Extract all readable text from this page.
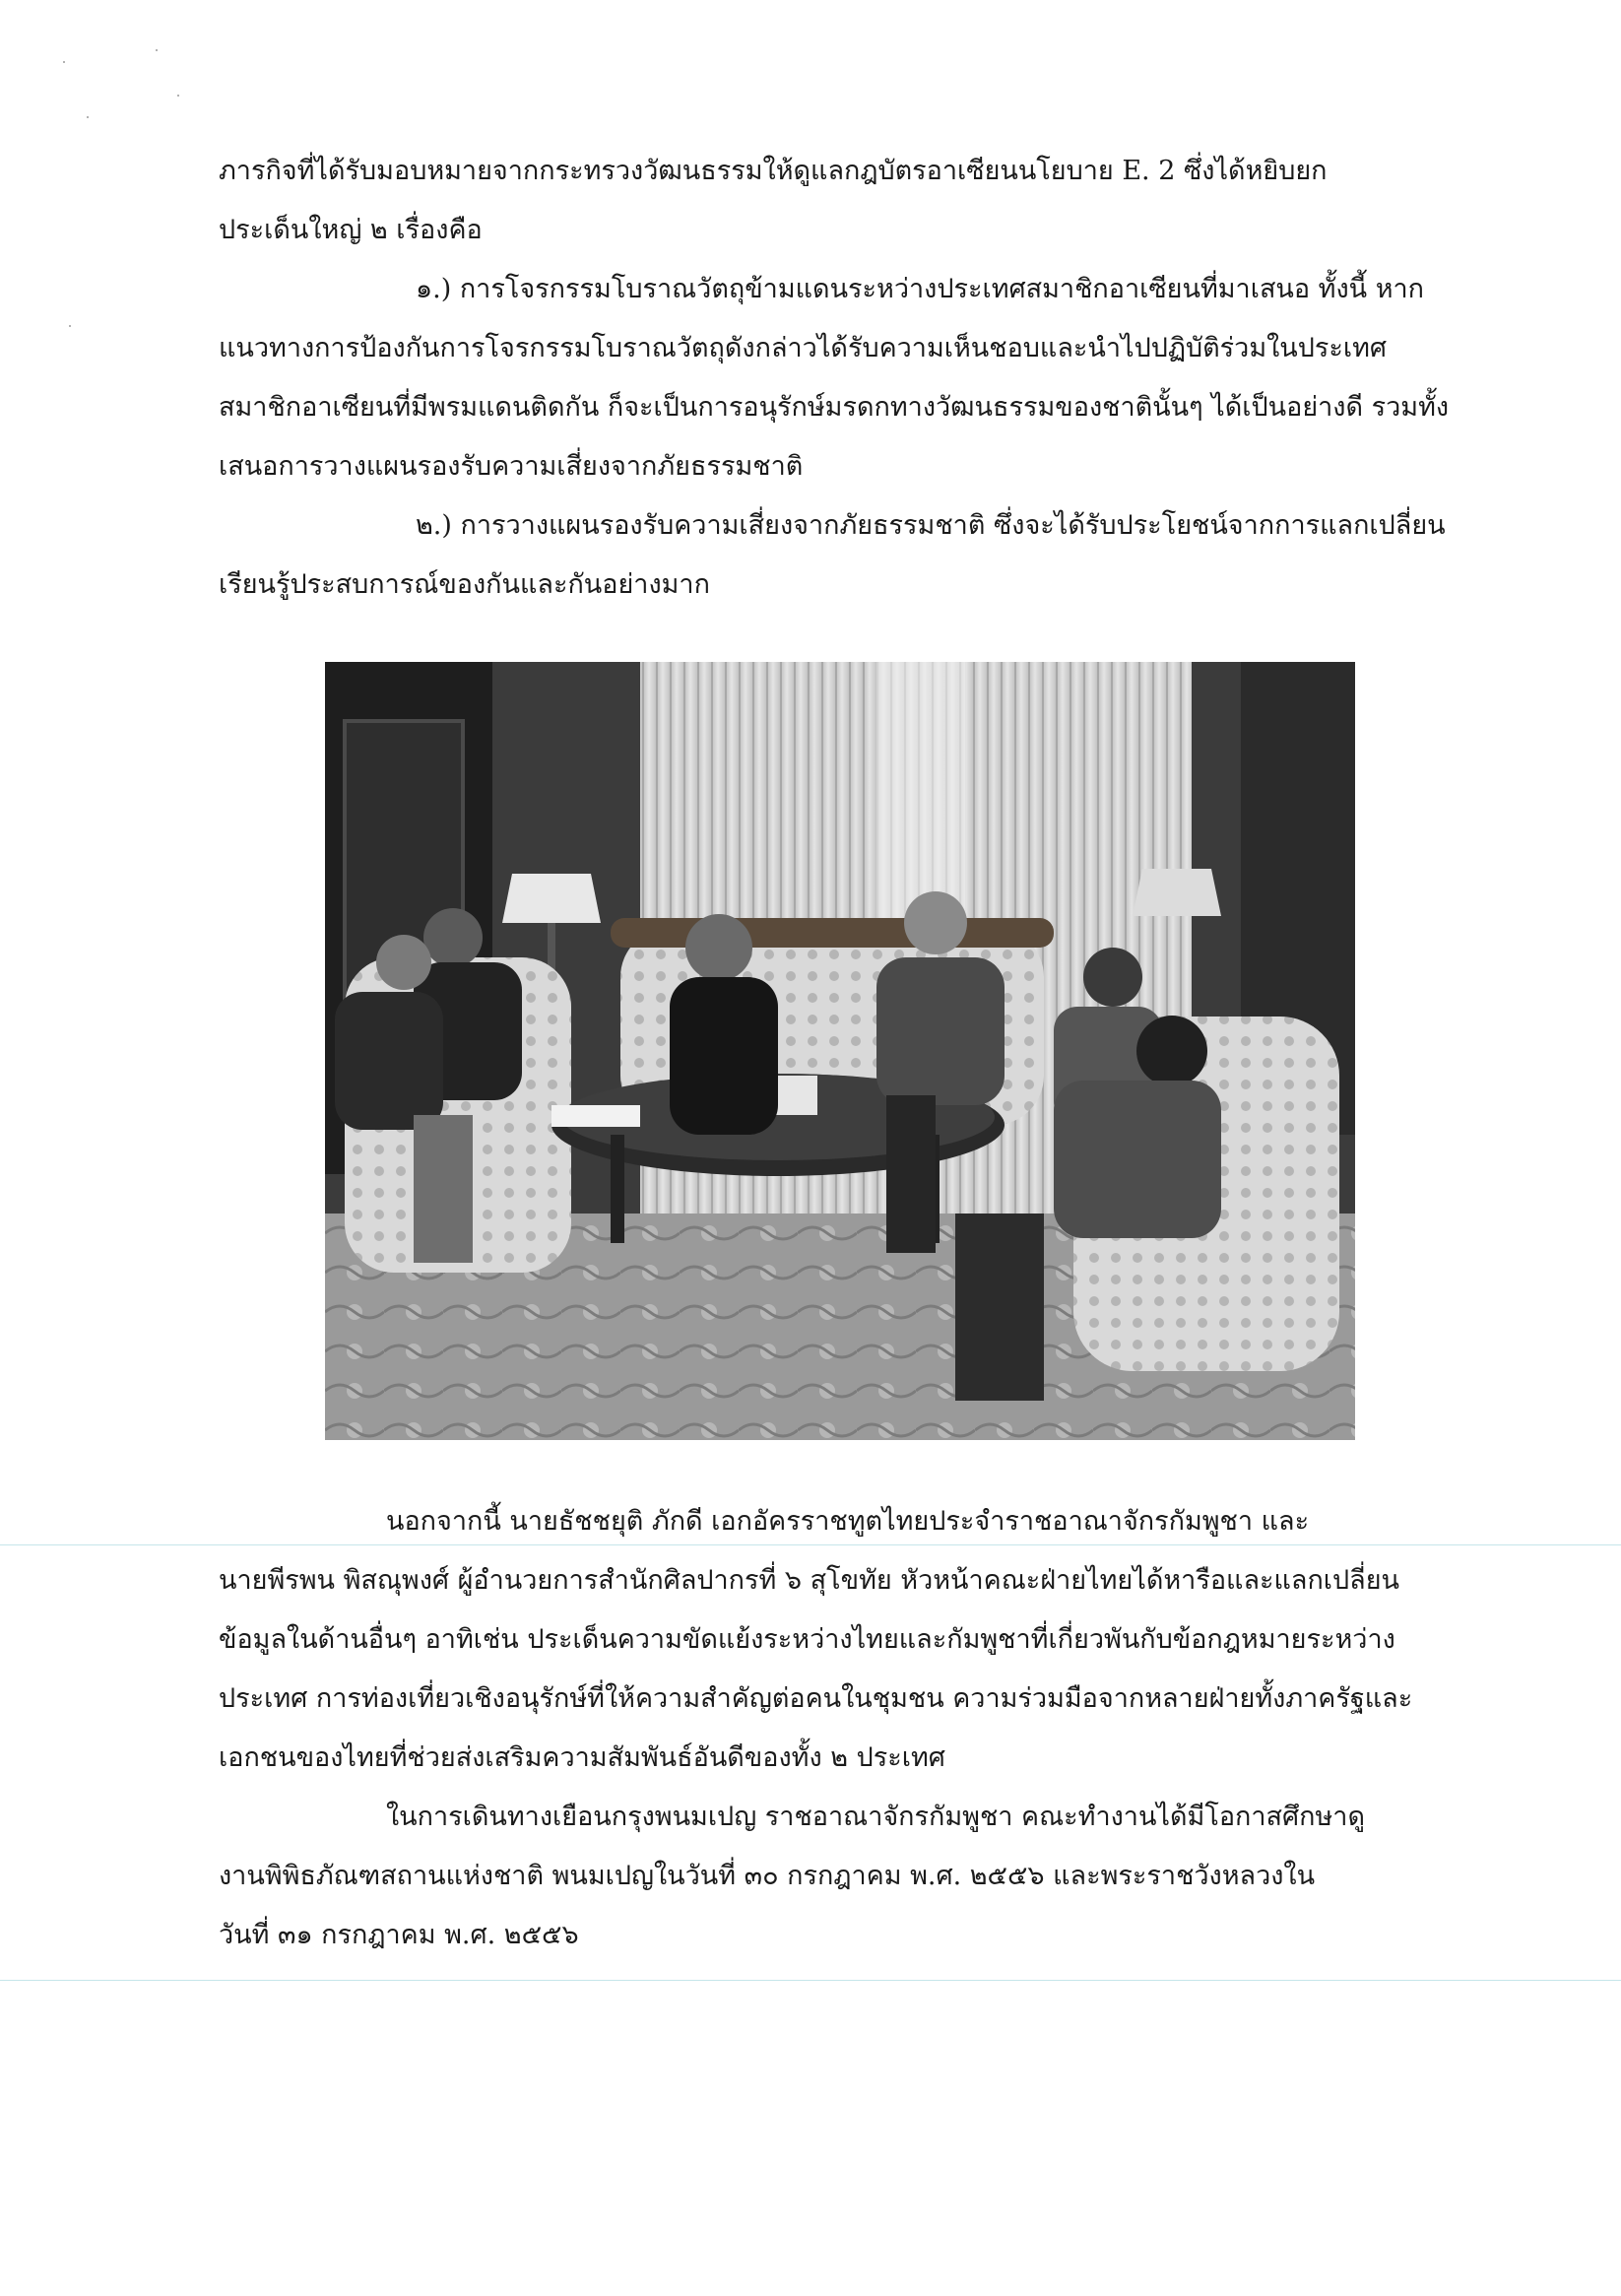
ภารกิจที่ได้รับมอบหมายจากกระทรวงวัฒนธรรมให้ดูแลกฎบัตรอาเซียนนโยบาย E. 2 ซึ่งได้หยิบยก
ประเด็นใหญ่ ๒ เรื่องคือ
๑.) การโจรกรรมโบราณวัตถุข้ามแดนระหว่างประเทศสมาชิกอาเซียนที่มาเสนอ ทั้งนี้ หาก
แนวทางการป้องกันการโจรกรรมโบราณวัตถุดังกล่าวได้รับความเห็นชอบและนำไปปฏิบัติร่วมในประเทศ
สมาชิกอาเซียนที่มีพรมแดนติดกัน ก็จะเป็นการอนุรักษ์มรดกทางวัฒนธรรมของชาตินั้นๆ ได้เป็นอย่างดี รวมทั้ง
เสนอการวางแผนรองรับความเสี่ยงจากภัยธรรมชาติ
๒.) การวางแผนรองรับความเสี่ยงจากภัยธรรมชาติ ซึ่งจะได้รับประโยชน์จากการแลกเปลี่ยน
เรียนรู้ประสบการณ์ของกันและกันอย่างมาก
นอกจากนี้ นายธัชชยุติ ภักดี เอกอัครราชทูตไทยประจำราชอาณาจักรกัมพูชา และ
นายพีรพน พิสณุพงศ์ ผู้อำนวยการสำนักศิลปากรที่ ๖ สุโขทัย หัวหน้าคณะฝ่ายไทยได้หารือและแลกเปลี่ยน
ข้อมูลในด้านอื่นๆ อาทิเช่น ประเด็นความขัดแย้งระหว่างไทยและกัมพูชาที่เกี่ยวพันกับข้อกฎหมายระหว่าง
ประเทศ การท่องเที่ยวเชิงอนุรักษ์ที่ให้ความสำคัญต่อคนในชุมชน ความร่วมมือจากหลายฝ่ายทั้งภาครัฐและ
เอกชนของไทยที่ช่วยส่งเสริมความสัมพันธ์อันดีของทั้ง ๒ ประเทศ
ในการเดินทางเยือนกรุงพนมเปญ ราชอาณาจักรกัมพูชา คณะทำงานได้มีโอกาสศึกษาดู
งานพิพิธภัณฑสถานแห่งชาติ พนมเปญในวันที่ ๓๐ กรกฎาคม พ.ศ. ๒๕๕๖ และพระราชวังหลวงใน
วันที่ ๓๑ กรกฎาคม พ.ศ. ๒๕๕๖
